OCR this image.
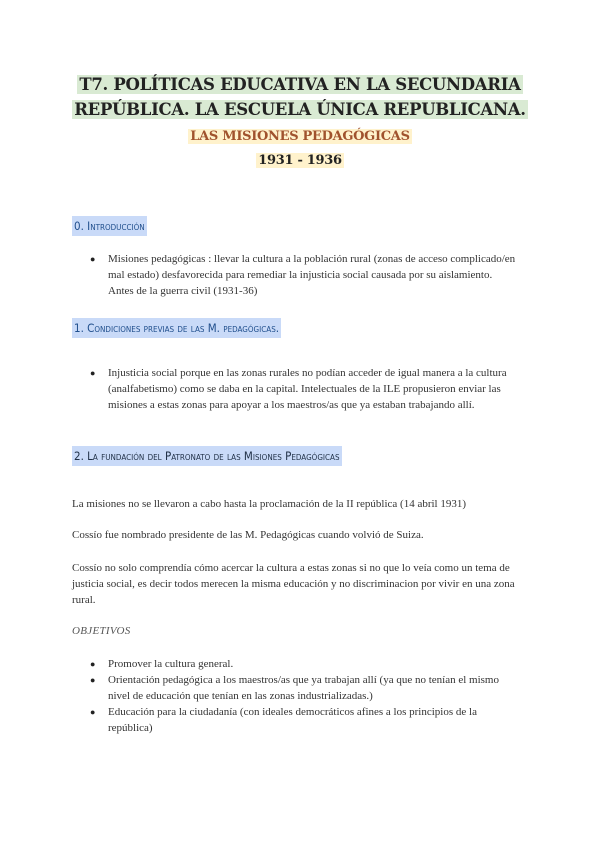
T7. POLÍTICAS EDUCATIVA EN LA SECUNDARIA
REPÚBLICA. LA ESCUELA ÚNICA REPUBLICANA.
LAS MISIONES PEDAGÓGICAS
1931 - 1936
0. Introducción
● Misiones pedagógicas : llevar la cultura a la población rural (zonas de acceso complicado/en mal estado) desfavorecida para remediar la injusticia social causada por su aislamiento. Antes de la guerra civil (1931-36)
1. Condiciones previas de las M. pedagógicas.
● Injusticia social porque en las zonas rurales no podían acceder de igual manera a la cultura (analfabetismo) como se daba en la capital. Intelectuales de la ILE propusieron enviar las misiones a estas zonas para apoyar a los maestros/as que ya estaban trabajando allí.
2. La fundación del Patronato de las Misiones Pedagógicas

La misiones no se llevaron a cabo hasta la proclamación de la II república (14 abril 1931)

Cossío fue nombrado presidente de las M. Pedagógicas cuando volvió de Suiza.

Cossío no solo comprendía cómo acercar la cultura a estas zonas si no que lo veía como un tema de justicia social, es decir todos merecen la misma educación y no discriminacion por vivir en una zona rural.

OBJETIVOS
● Promover la cultura general.
● Orientación pedagógica a los maestros/as que ya trabajan allí (ya que no tenían el mismo nivel de educación que tenían en las zonas industrializadas.)
● Educación para la ciudadanía (con ideales democráticos afines a los principios de la república)
